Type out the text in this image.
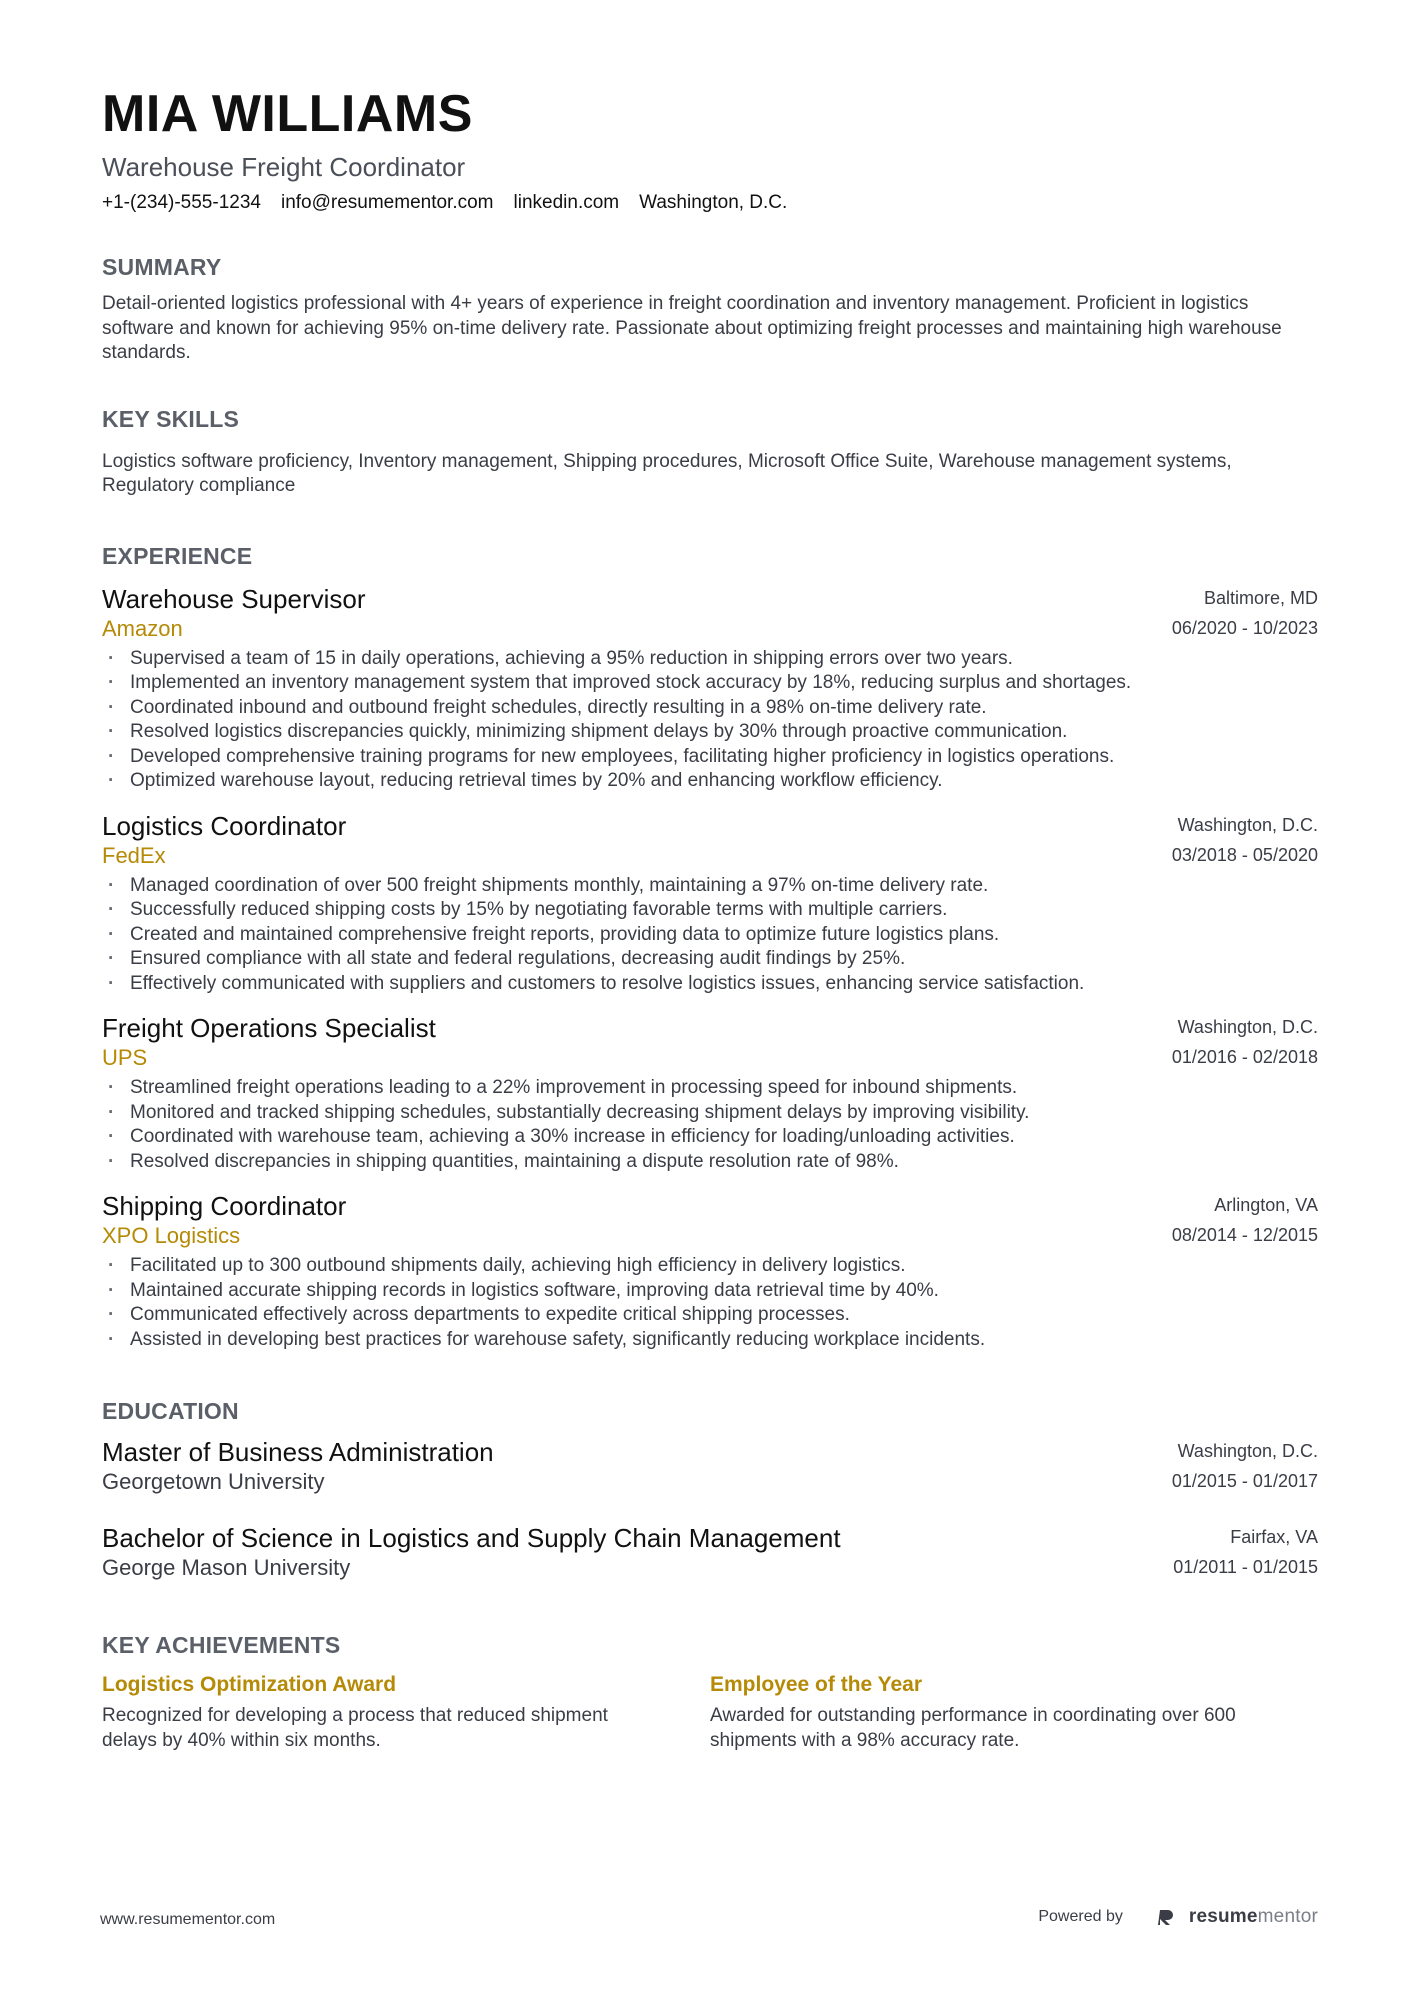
MIA WILLIAMS
Warehouse Freight Coordinator
+1-(234)-555-1234 info@resumementor.com linkedin.com Washington, D.C.
SUMMARY
Detail-oriented logistics professional with 4+ years of experience in freight coordination and inventory management. Proficient in logistics software and known for achieving 95% on-time delivery rate. Passionate about optimizing freight processes and maintaining high warehouse standards.
KEY SKILLS
Logistics software proficiency, Inventory management, Shipping procedures, Microsoft Office Suite, Warehouse management systems, Regulatory compliance
EXPERIENCE
Warehouse Supervisor
Amazon
Baltimore, MD
06/2020 - 10/2023
· Supervised a team of 15 in daily operations, achieving a 95% reduction in shipping errors over two years.
· Implemented an inventory management system that improved stock accuracy by 18%, reducing surplus and shortages.
· Coordinated inbound and outbound freight schedules, directly resulting in a 98% on-time delivery rate.
· Resolved logistics discrepancies quickly, minimizing shipment delays by 30% through proactive communication.
· Developed comprehensive training programs for new employees, facilitating higher proficiency in logistics operations.
· Optimized warehouse layout, reducing retrieval times by 20% and enhancing workflow efficiency.
Logistics Coordinator
FedEx
Washington, D.C.
03/2018 - 05/2020
· Managed coordination of over 500 freight shipments monthly, maintaining a 97% on-time delivery rate.
· Successfully reduced shipping costs by 15% by negotiating favorable terms with multiple carriers.
· Created and maintained comprehensive freight reports, providing data to optimize future logistics plans.
· Ensured compliance with all state and federal regulations, decreasing audit findings by 25%.
· Effectively communicated with suppliers and customers to resolve logistics issues, enhancing service satisfaction.
Freight Operations Specialist
UPS
Washington, D.C.
01/2016 - 02/2018
· Streamlined freight operations leading to a 22% improvement in processing speed for inbound shipments.
· Monitored and tracked shipping schedules, substantially decreasing shipment delays by improving visibility.
· Coordinated with warehouse team, achieving a 30% increase in efficiency for loading/unloading activities.
· Resolved discrepancies in shipping quantities, maintaining a dispute resolution rate of 98%.
Shipping Coordinator
XPO Logistics
Arlington, VA
08/2014 - 12/2015
· Facilitated up to 300 outbound shipments daily, achieving high efficiency in delivery logistics.
· Maintained accurate shipping records in logistics software, improving data retrieval time by 40%.
· Communicated effectively across departments to expedite critical shipping processes.
· Assisted in developing best practices for warehouse safety, significantly reducing workplace incidents.
EDUCATION
Master of Business Administration
Georgetown University
Washington, D.C.
01/2015 - 01/2017
Bachelor of Science in Logistics and Supply Chain Management
George Mason University
Fairfax, VA
01/2011 - 01/2015
KEY ACHIEVEMENTS
Logistics Optimization Award
Recognized for developing a process that reduced shipment delays by 40% within six months.
Employee of the Year
Awarded for outstanding performance in coordinating over 600 shipments with a 98% accuracy rate.
www.resumementor.com	Powered by	resumementor
